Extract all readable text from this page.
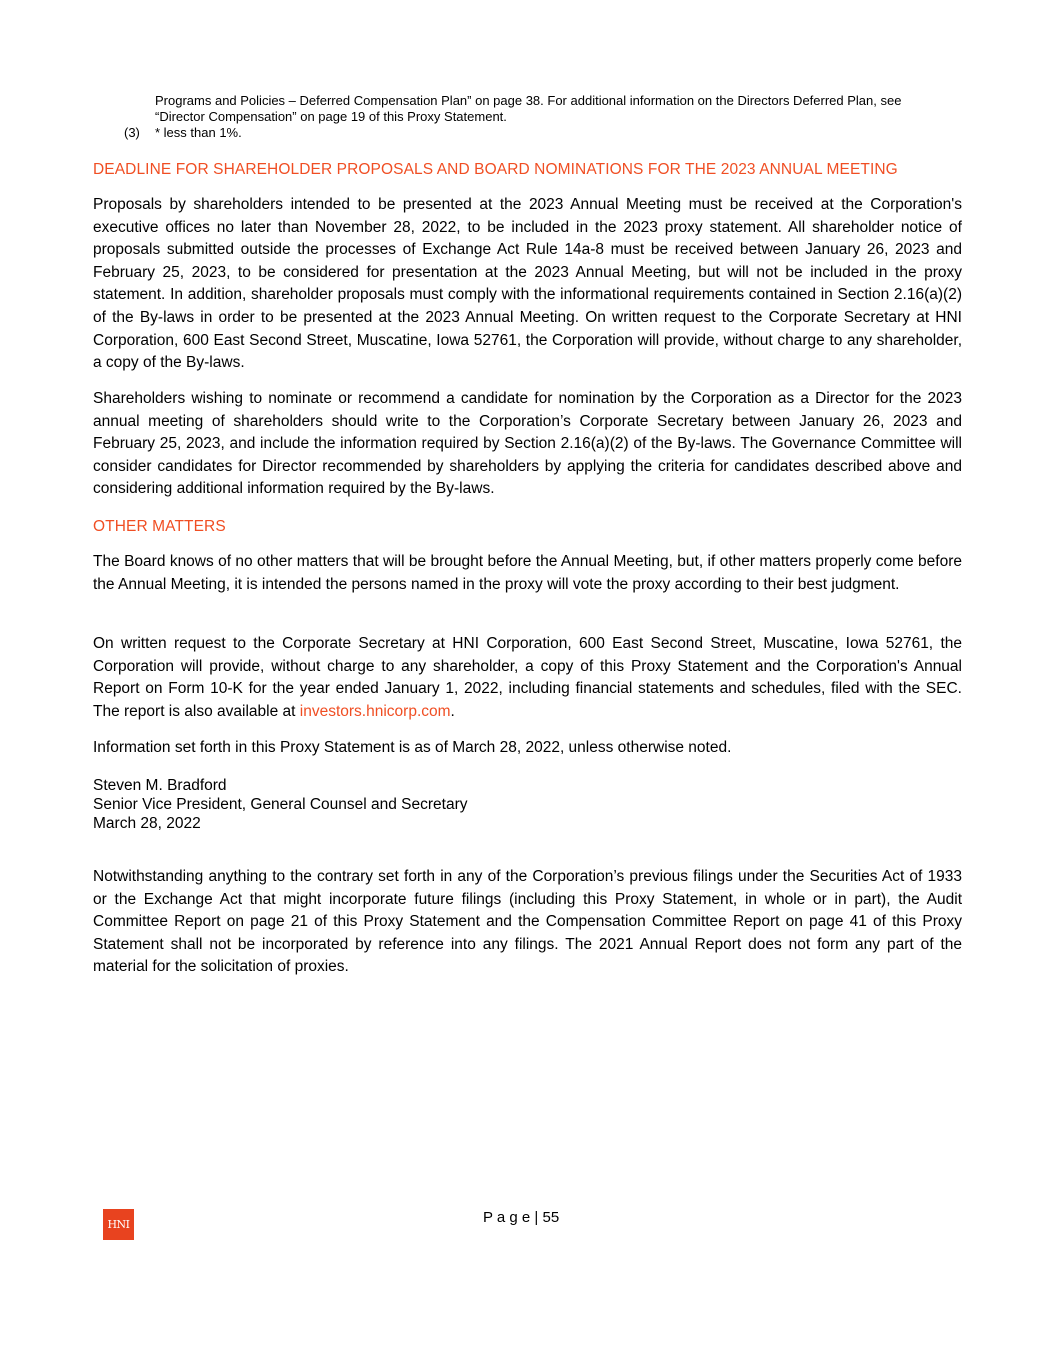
Programs and Policies – Deferred Compensation Plan” on page 38. For additional information on the Directors Deferred Plan, see
“Director Compensation” on page 19 of this Proxy Statement.
(3) * less than 1%.
DEADLINE FOR SHAREHOLDER PROPOSALS AND BOARD NOMINATIONS FOR THE 2023 ANNUAL MEETING

Proposals by shareholders intended to be presented at the 2023 Annual Meeting must be received at the Corporation's executive offices no later than November 28, 2022, to be included in the 2023 proxy statement. All shareholder notice of proposals submitted outside the processes of Exchange Act Rule 14a-8 must be received between January 26, 2023 and February 25, 2023, to be considered for presentation at the 2023 Annual Meeting, but will not be included in the proxy statement. In addition, shareholder proposals must comply with the informational requirements contained in Section 2.16(a)(2) of the By-laws in order to be presented at the 2023 Annual Meeting. On written request to the Corporate Secretary at HNI Corporation, 600 East Second Street, Muscatine, Iowa 52761, the Corporation will provide, without charge to any shareholder, a copy of the By-laws.

Shareholders wishing to nominate or recommend a candidate for nomination by the Corporation as a Director for the 2023 annual meeting of shareholders should write to the Corporation’s Corporate Secretary between January 26, 2023 and February 25, 2023, and include the information required by Section 2.16(a)(2) of the By-laws. The Governance Committee will consider candidates for Director recommended by shareholders by applying the criteria for candidates described above and considering additional information required by the By-laws.

OTHER MATTERS

The Board knows of no other matters that will be brought before the Annual Meeting, but, if other matters properly come before the Annual Meeting, it is intended the persons named in the proxy will vote the proxy according to their best judgment.

On written request to the Corporate Secretary at HNI Corporation, 600 East Second Street, Muscatine, Iowa 52761, the Corporation will provide, without charge to any shareholder, a copy of this Proxy Statement and the Corporation's Annual Report on Form 10-K for the year ended January 1, 2022, including financial statements and schedules, filed with the SEC. The report is also available at investors.hnicorp.com.

Information set forth in this Proxy Statement is as of March 28, 2022, unless otherwise noted.

Steven M. Bradford
Senior Vice President, General Counsel and Secretary
March 28, 2022

Notwithstanding anything to the contrary set forth in any of the Corporation’s previous filings under the Securities Act of 1933 or the Exchange Act that might incorporate future filings (including this Proxy Statement, in whole or in part), the Audit Committee Report on page 21 of this Proxy Statement and the Compensation Committee Report on page 41 of this Proxy Statement shall not be incorporated by reference into any filings. The 2021 Annual Report does not form any part of the material for the solicitation of proxies.

HNI	P a g e | 55
